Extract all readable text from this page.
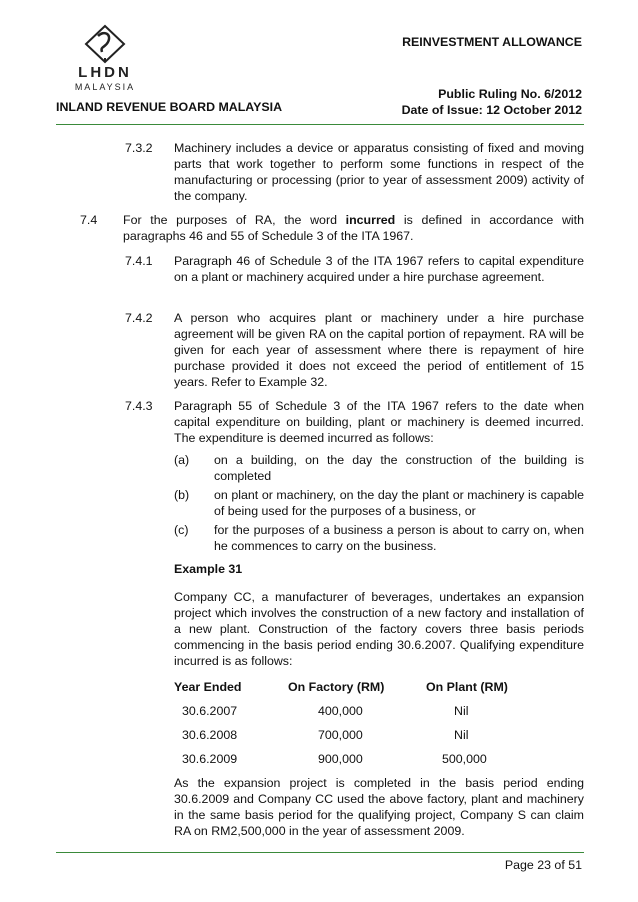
LHDN
MALAYSIA
REINVESTMENT ALLOWANCE
Public Ruling No. 6/2012
Date of Issue: 12 October 2012
INLAND REVENUE BOARD MALAYSIA
7.3.2 Machinery includes a device or apparatus consisting of fixed and moving parts that work together to perform some functions in respect of the manufacturing or processing (prior to year of assessment 2009) activity of the company.
7.4 For the purposes of RA, the word incurred is defined in accordance with paragraphs 46 and 55 of Schedule 3 of the ITA 1967.
7.4.1 Paragraph 46 of Schedule 3 of the ITA 1967 refers to capital expenditure on a plant or machinery acquired under a hire purchase agreement.
7.4.2 A person who acquires plant or machinery under a hire purchase agreement will be given RA on the capital portion of repayment. RA will be given for each year of assessment where there is repayment of hire purchase provided it does not exceed the period of entitlement of 15 years. Refer to Example 32.
7.4.3 Paragraph 55 of Schedule 3 of the ITA 1967 refers to the date when capital expenditure on building, plant or machinery is deemed incurred. The expenditure is deemed incurred as follows:
(a) on a building, on the day the construction of the building is completed
(b) on plant or machinery, on the day the plant or machinery is capable of being used for the purposes of a business, or
(c) for the purposes of a business a person is about to carry on, when he commences to carry on the business.
Example 31
Company CC, a manufacturer of beverages, undertakes an expansion project which involves the construction of a new factory and installation of a new plant. Construction of the factory covers three basis periods commencing in the basis period ending 30.6.2007. Qualifying expenditure incurred is as follows:
Year Ended	On Factory (RM)	On Plant (RM)
30.6.2007	400,000	Nil
30.6.2008	700,000	Nil
30.6.2009	900,000	500,000
As the expansion project is completed in the basis period ending 30.6.2009 and Company CC used the above factory, plant and machinery in the same basis period for the qualifying project, Company S can claim RA on RM2,500,000 in the year of assessment 2009.
Page 23 of 51
